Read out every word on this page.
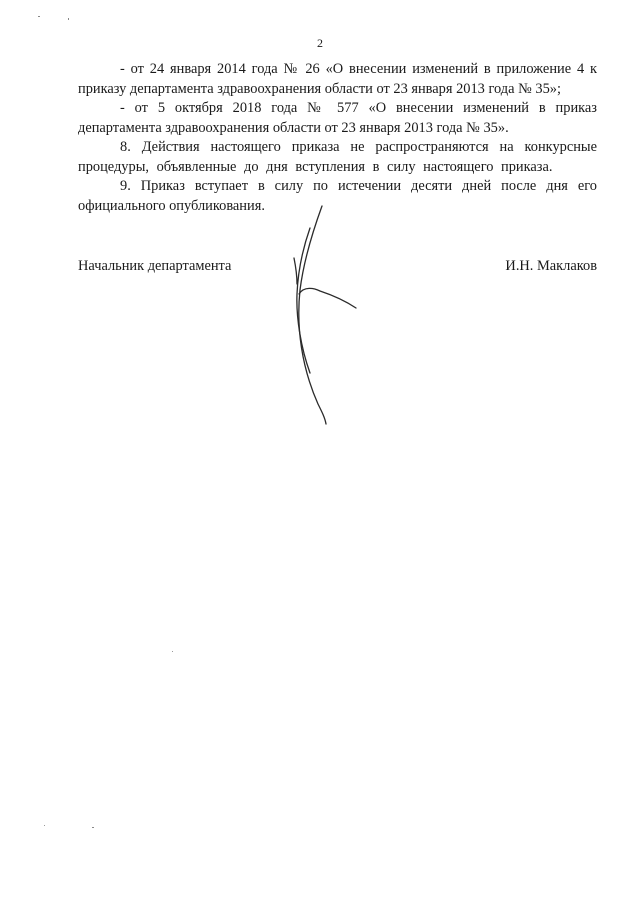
2

- от 24 января 2014 года № 26 «О внесении изменений в приложение 4 к приказу департамента здравоохранения области от 23 января 2013 года № 35»;

- от 5 октября 2018 года № 577 «О внесении изменений в приказ департамента здравоохранения области от 23 января 2013 года № 35».

8. Действия настоящего приказа не распространяются на конкурсные процедуры, объявленные до дня вступления в силу настоящего приказа.

9. Приказ вступает в силу по истечении десяти дней после дня его официального опубликования.

Начальник департамента	И.Н. Маклаков
